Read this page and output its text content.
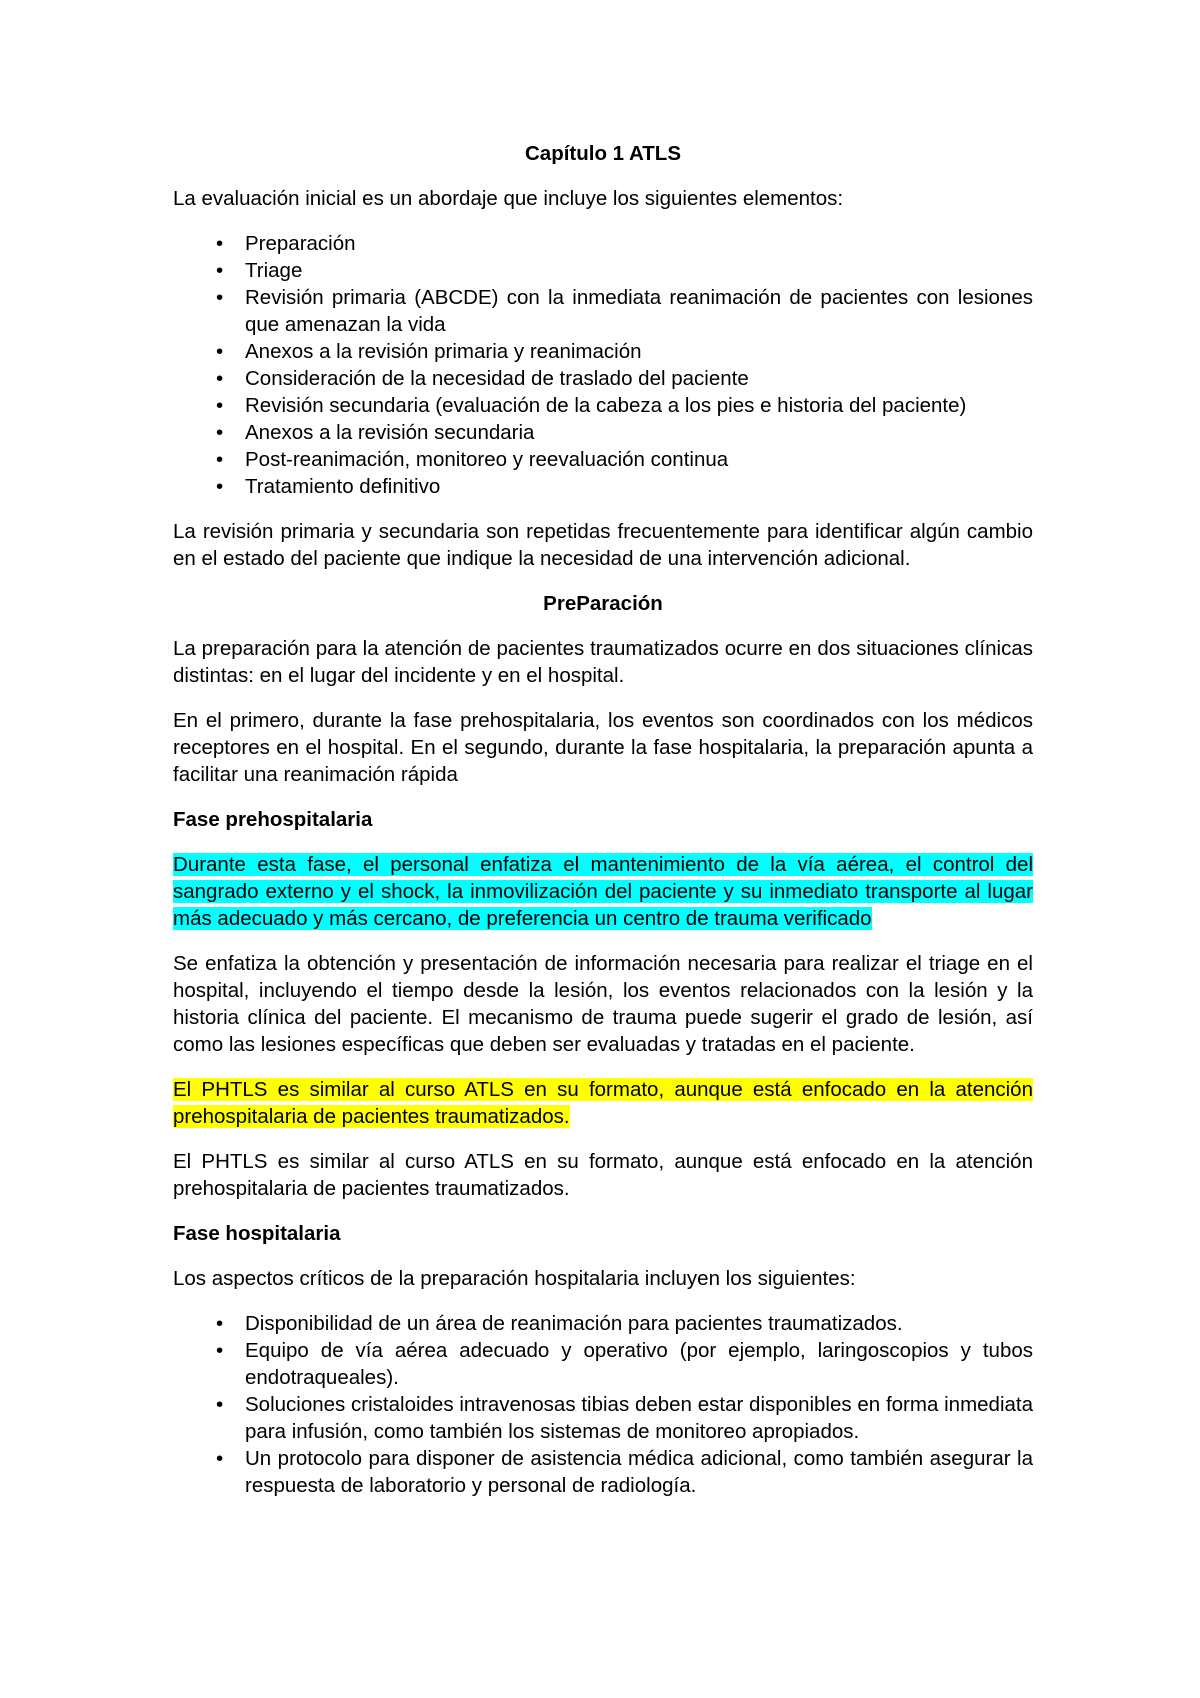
Capítulo 1 ATLS

La evaluación inicial es un abordaje que incluye los siguientes elementos:

• Preparación
• Triage
• Revisión primaria (ABCDE) con la inmediata reanimación de pacientes con lesiones que amenazan la vida
• Anexos a la revisión primaria y reanimación
• Consideración de la necesidad de traslado del paciente
• Revisión secundaria (evaluación de la cabeza a los pies e historia del paciente)
• Anexos a la revisión secundaria
• Post-reanimación, monitoreo y reevaluación continua
• Tratamiento definitivo

La revisión primaria y secundaria son repetidas frecuentemente para identificar algún cambio en el estado del paciente que indique la necesidad de una intervención adicional.

PreParación

La preparación para la atención de pacientes traumatizados ocurre en dos situaciones clínicas distintas: en el lugar del incidente y en el hospital.

En el primero, durante la fase prehospitalaria, los eventos son coordinados con los médicos receptores en el hospital. En el segundo, durante la fase hospitalaria, la preparación apunta a facilitar una reanimación rápida

Fase prehospitalaria

Durante esta fase, el personal enfatiza el mantenimiento de la vía aérea, el control del sangrado externo y el shock, la inmovilización del paciente y su inmediato transporte al lugar más adecuado y más cercano, de preferencia un centro de trauma verificado

Se enfatiza la obtención y presentación de información necesaria para realizar el triage en el hospital, incluyendo el tiempo desde la lesión, los eventos relacionados con la lesión y la historia clínica del paciente. El mecanismo de trauma puede sugerir el grado de lesión, así como las lesiones específicas que deben ser evaluadas y tratadas en el paciente.

El PHTLS es similar al curso ATLS en su formato, aunque está enfocado en la atención prehospitalaria de pacientes traumatizados.

El PHTLS es similar al curso ATLS en su formato, aunque está enfocado en la atención prehospitalaria de pacientes traumatizados.

Fase hospitalaria

Los aspectos críticos de la preparación hospitalaria incluyen los siguientes:

• Disponibilidad de un área de reanimación para pacientes traumatizados.
• Equipo de vía aérea adecuado y operativo (por ejemplo, laringoscopios y tubos endotraqueales).
• Soluciones cristaloides intravenosas tibias deben estar disponibles en forma inmediata para infusión, como también los sistemas de monitoreo apropiados.
• Un protocolo para disponer de asistencia médica adicional, como también asegurar la respuesta de laboratorio y personal de radiología.
